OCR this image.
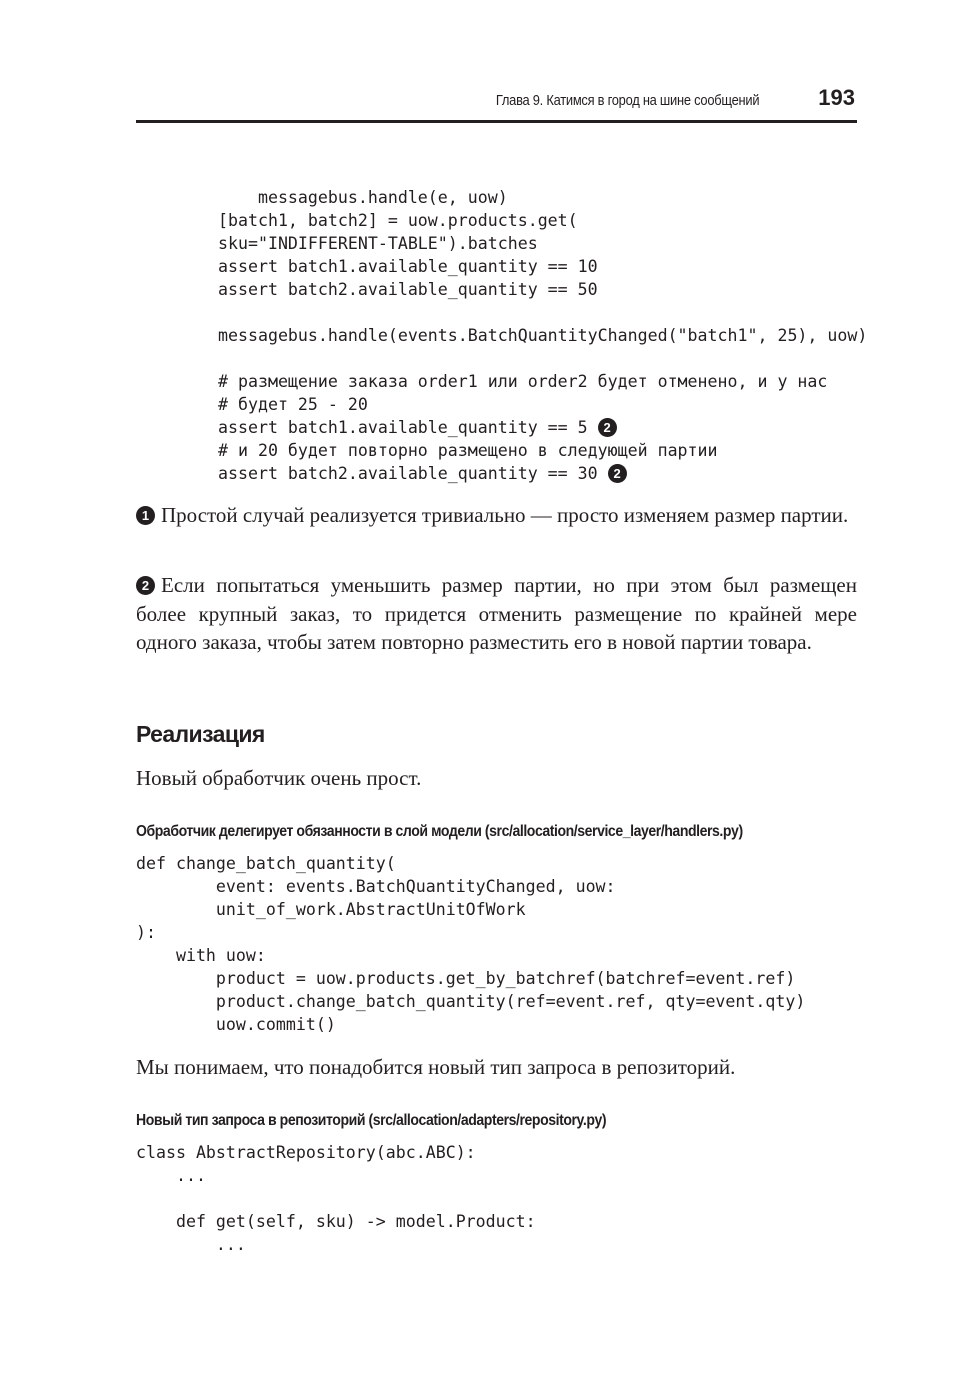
Глава 9. Катимся в город на шине сообщений	193
messagebus.handle(e, uow)
[batch1, batch2] = uow.products.get(
sku="INDIFFERENT-TABLE").batches
assert batch1.available_quantity == 10
assert batch2.available_quantity == 50
messagebus.handle(events.BatchQuantityChanged("batch1", 25), uow)
# размещение заказа order1 или order2 будет отменено, и у нас
# будет 25 - 20
assert batch1.available_quantity == 5 2
# и 20 будет повторно размещено в следующей партии
assert batch2.available_quantity == 30 2

1 Простой случай реализуется тривиально — просто изменяем размер партии.

2 Если попытаться уменьшить размер партии, но при этом был размещен более крупный заказ, то придется отменить размещение по крайней мере одного заказа, чтобы затем повторно разместить его в новой партии товара.

Реализация

Новый обработчик очень прост.

Обработчик делегирует обязанности в слой модели (src/allocation/service_layer/handlers.py)

def change_batch_quantity(
event: events.BatchQuantityChanged, uow:
unit_of_work.AbstractUnitOfWork
):
with uow:
product = uow.products.get_by_batchref(batchref=event.ref)
product.change_batch_quantity(ref=event.ref, qty=event.qty)
uow.commit()

Мы понимаем, что понадобится новый тип запроса в репозиторий.

Новый тип запроса в репозиторий (src/allocation/adapters/repository.py)

class AbstractRepository(abc.ABC):
...
def get(self, sku) -> model.Product:
...
